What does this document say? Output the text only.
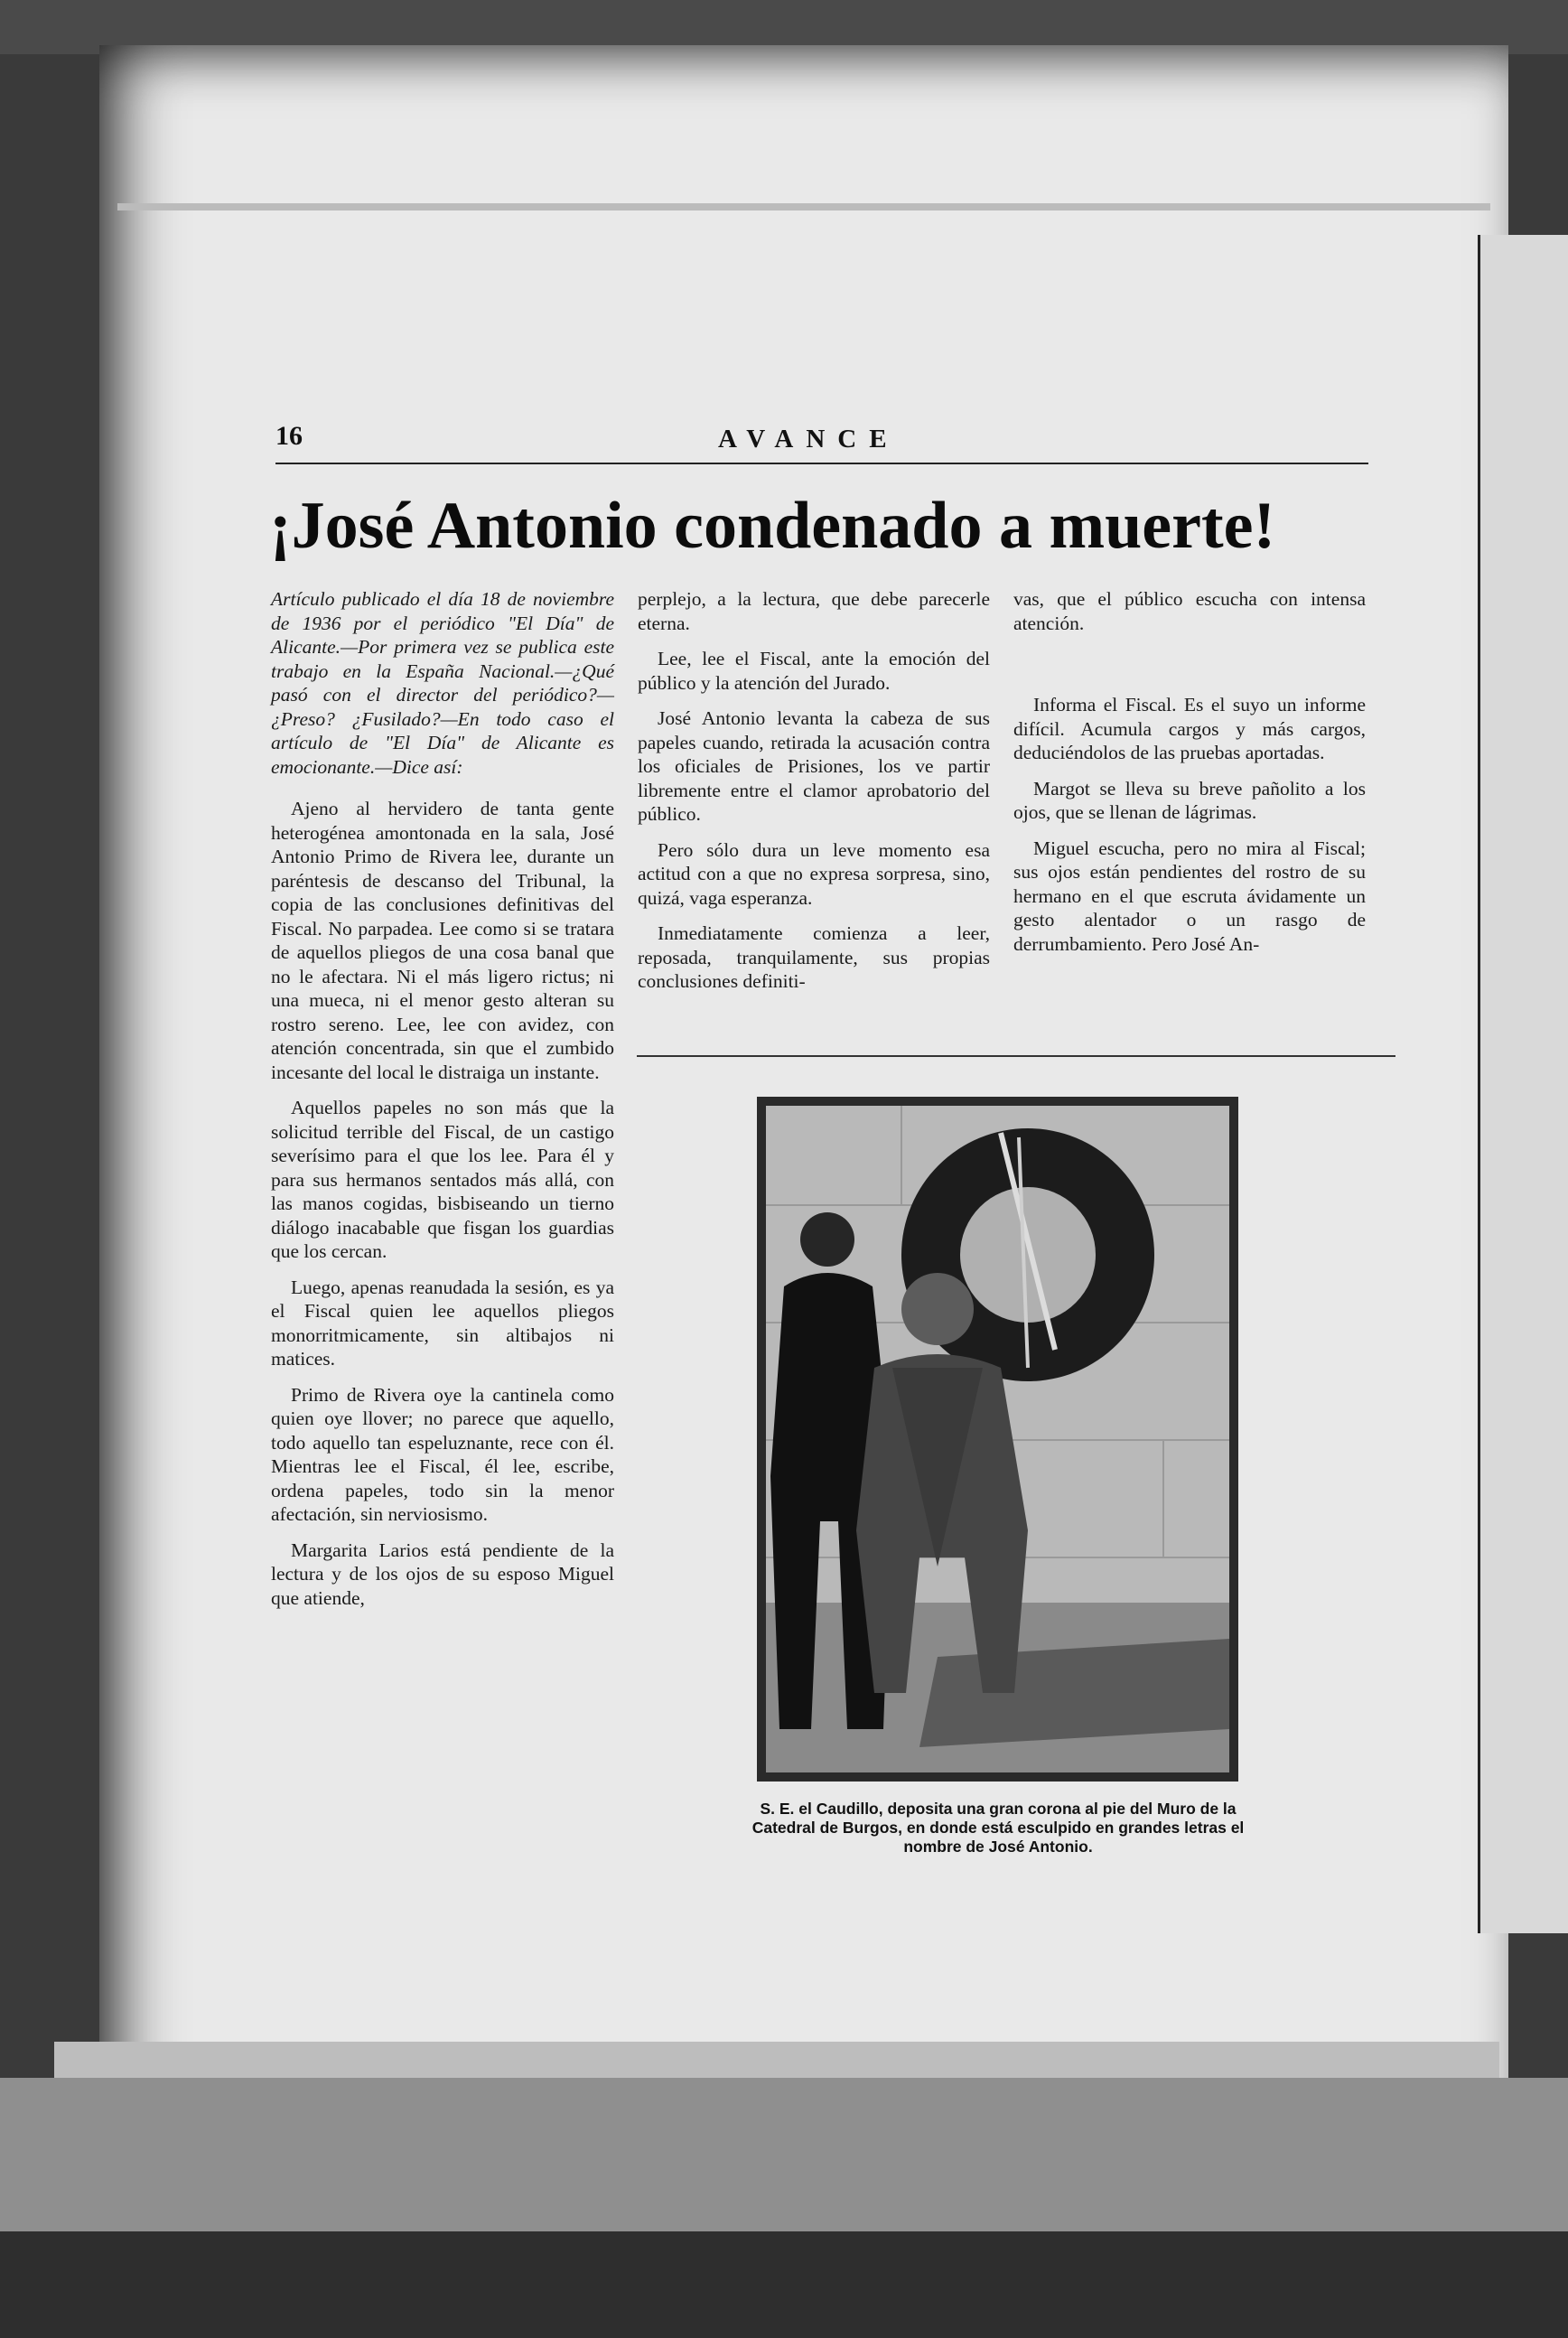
16	AVANCE
¡José Antonio condenado a muerte!

Artículo publicado el día 18 de noviembre de 1936 por el periódico "El Día" de Alicante.—Por primera vez se publica este trabajo en la España Nacional.—¿Qué pasó con el director del periódico?—¿Preso? ¿Fusilado?—En todo caso el artículo de "El Día" de Alicante es emocionante.—Dice así:

Ajeno al hervidero de tanta gente heterogénea amontonada en la sala, José Antonio Primo de Rivera lee, durante un paréntesis de descanso del Tribunal, la copia de las conclusiones definitivas del Fiscal. No parpadea. Lee como si se tratara de aquellos pliegos de una cosa banal que no le afectara. Ni el más ligero rictus; ni una mueca, ni el menor gesto alteran su rostro sereno. Lee, lee con avidez, con atención concentrada, sin que el zumbido incesante del local le distraiga un instante.

Aquellos papeles no son más que la solicitud terrible del Fiscal, de un castigo severísimo para el que los lee. Para él y para sus hermanos sentados más allá, con las manos cogidas, bisbiseando un tierno diálogo inacabable que fisgan los guardias que los cercan.

Luego, apenas reanudada la sesión, es ya el Fiscal quien lee aquellos pliegos monorritmicamente, sin altibajos ni matices.

Primo de Rivera oye la cantinela como quien oye llover; no parece que aquello, todo aquello tan espeluznante, rece con él. Mientras lee el Fiscal, él lee, escribe, ordena papeles, todo sin la menor afectación, sin nerviosismo.

Margarita Larios está pendiente de la lectura y de los ojos de su esposo Miguel que atiende,

perplejo, a la lectura, que debe parecerle eterna.

Lee, lee el Fiscal, ante la emoción del público y la atención del Jurado.

José Antonio levanta la cabeza de sus papeles cuando, retirada la acusación contra los oficiales de Prisiones, los ve partir libremente entre el clamor aprobatorio del público.

Pero sólo dura un leve momento esa actitud con a que no expresa sorpresa, sino, quizá, vaga esperanza.

Inmediatamente comienza a leer, reposada, tranquilamente, sus propias conclusiones definiti-

vas, que el público escucha con intensa atención.

Informa el Fiscal. Es el suyo un informe difícil. Acumula cargos y más cargos, deduciéndolos de las pruebas aportadas.

Margot se lleva su breve pañolito a los ojos, que se llenan de lágrimas.

Miguel escucha, pero no mira al Fiscal; sus ojos están pendientes del rostro de su hermano en el que escruta ávidamente un gesto alentador o un rasgo de derrumbamiento. Pero José An-

S. E. el Caudillo, deposita una gran corona al pie del Muro de la Catedral de Burgos, en donde está esculpido en grandes letras el nombre de José Antonio.
